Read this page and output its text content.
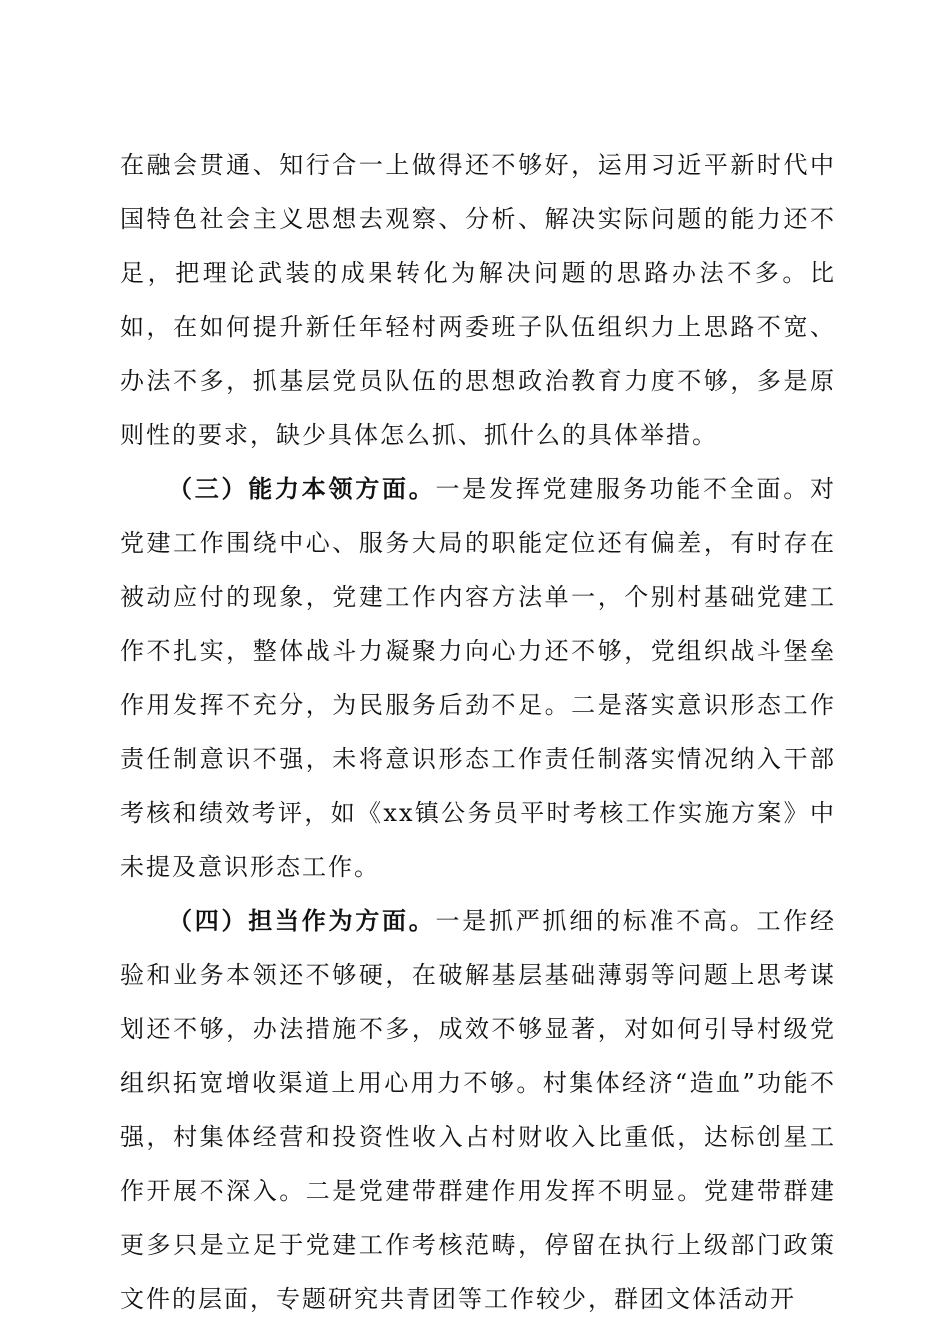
在融会贯通、知行合一上做得还不够好，运用习近平新时代中国特色社会主义思想去观察、分析、解决实际问题的能力还不足，把理论武装的成果转化为解决问题的思路办法不多。比如，在如何提升新任年轻村两委班子队伍组织力上思路不宽、办法不多，抓基层党员队伍的思想政治教育力度不够，多是原则性的要求，缺少具体怎么抓、抓什么的具体举措。

（三）能力本领方面。一是发挥党建服务功能不全面。对党建工作围绕中心、服务大局的职能定位还有偏差，有时存在被动应付的现象，党建工作内容方法单一，个别村基础党建工作不扎实，整体战斗力凝聚力向心力还不够，党组织战斗堡垒作用发挥不充分，为民服务后劲不足。二是落实意识形态工作责任制意识不强，未将意识形态工作责任制落实情况纳入干部考核和绩效考评，如《xx镇公务员平时考核工作实施方案》中未提及意识形态工作。

（四）担当作为方面。一是抓严抓细的标准不高。工作经验和业务本领还不够硬，在破解基层基础薄弱等问题上思考谋划还不够，办法措施不多，成效不够显著，对如何引导村级党组织拓宽增收渠道上用心用力不够。村集体经济“造血”功能不强，村集体经营和投资性收入占村财收入比重低，达标创星工作开展不深入。二是党建带群建作用发挥不明显。党建带群建更多只是立足于党建工作考核范畴，停留在执行上级部门政策文件的层面，专题研究共青团等工作较少，群团文体活动开
